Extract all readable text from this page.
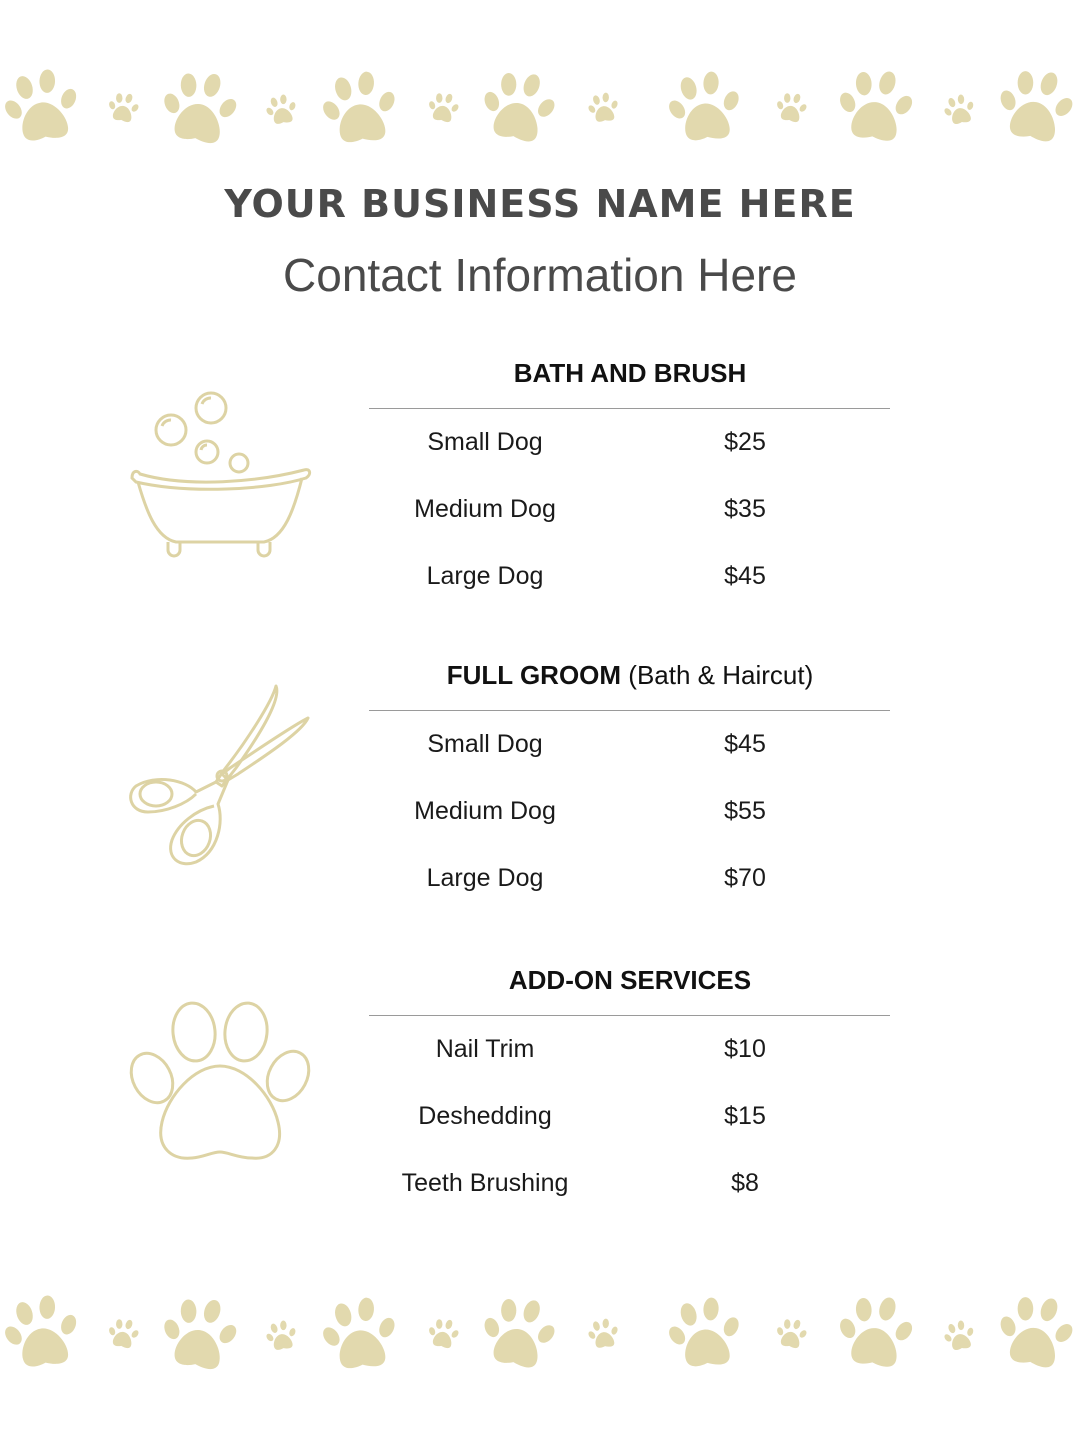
YOUR BUSINESS NAME HERE
Contact Information Here
BATH AND BRUSH
Small Dog	$25
Medium Dog	$35
Large Dog	$45
FULL GROOM (Bath & Haircut)
Small Dog	$45
Medium Dog	$55
Large Dog	$70
ADD-ON SERVICES
Nail Trim	$10
Deshedding	$15
Teeth Brushing	$8
